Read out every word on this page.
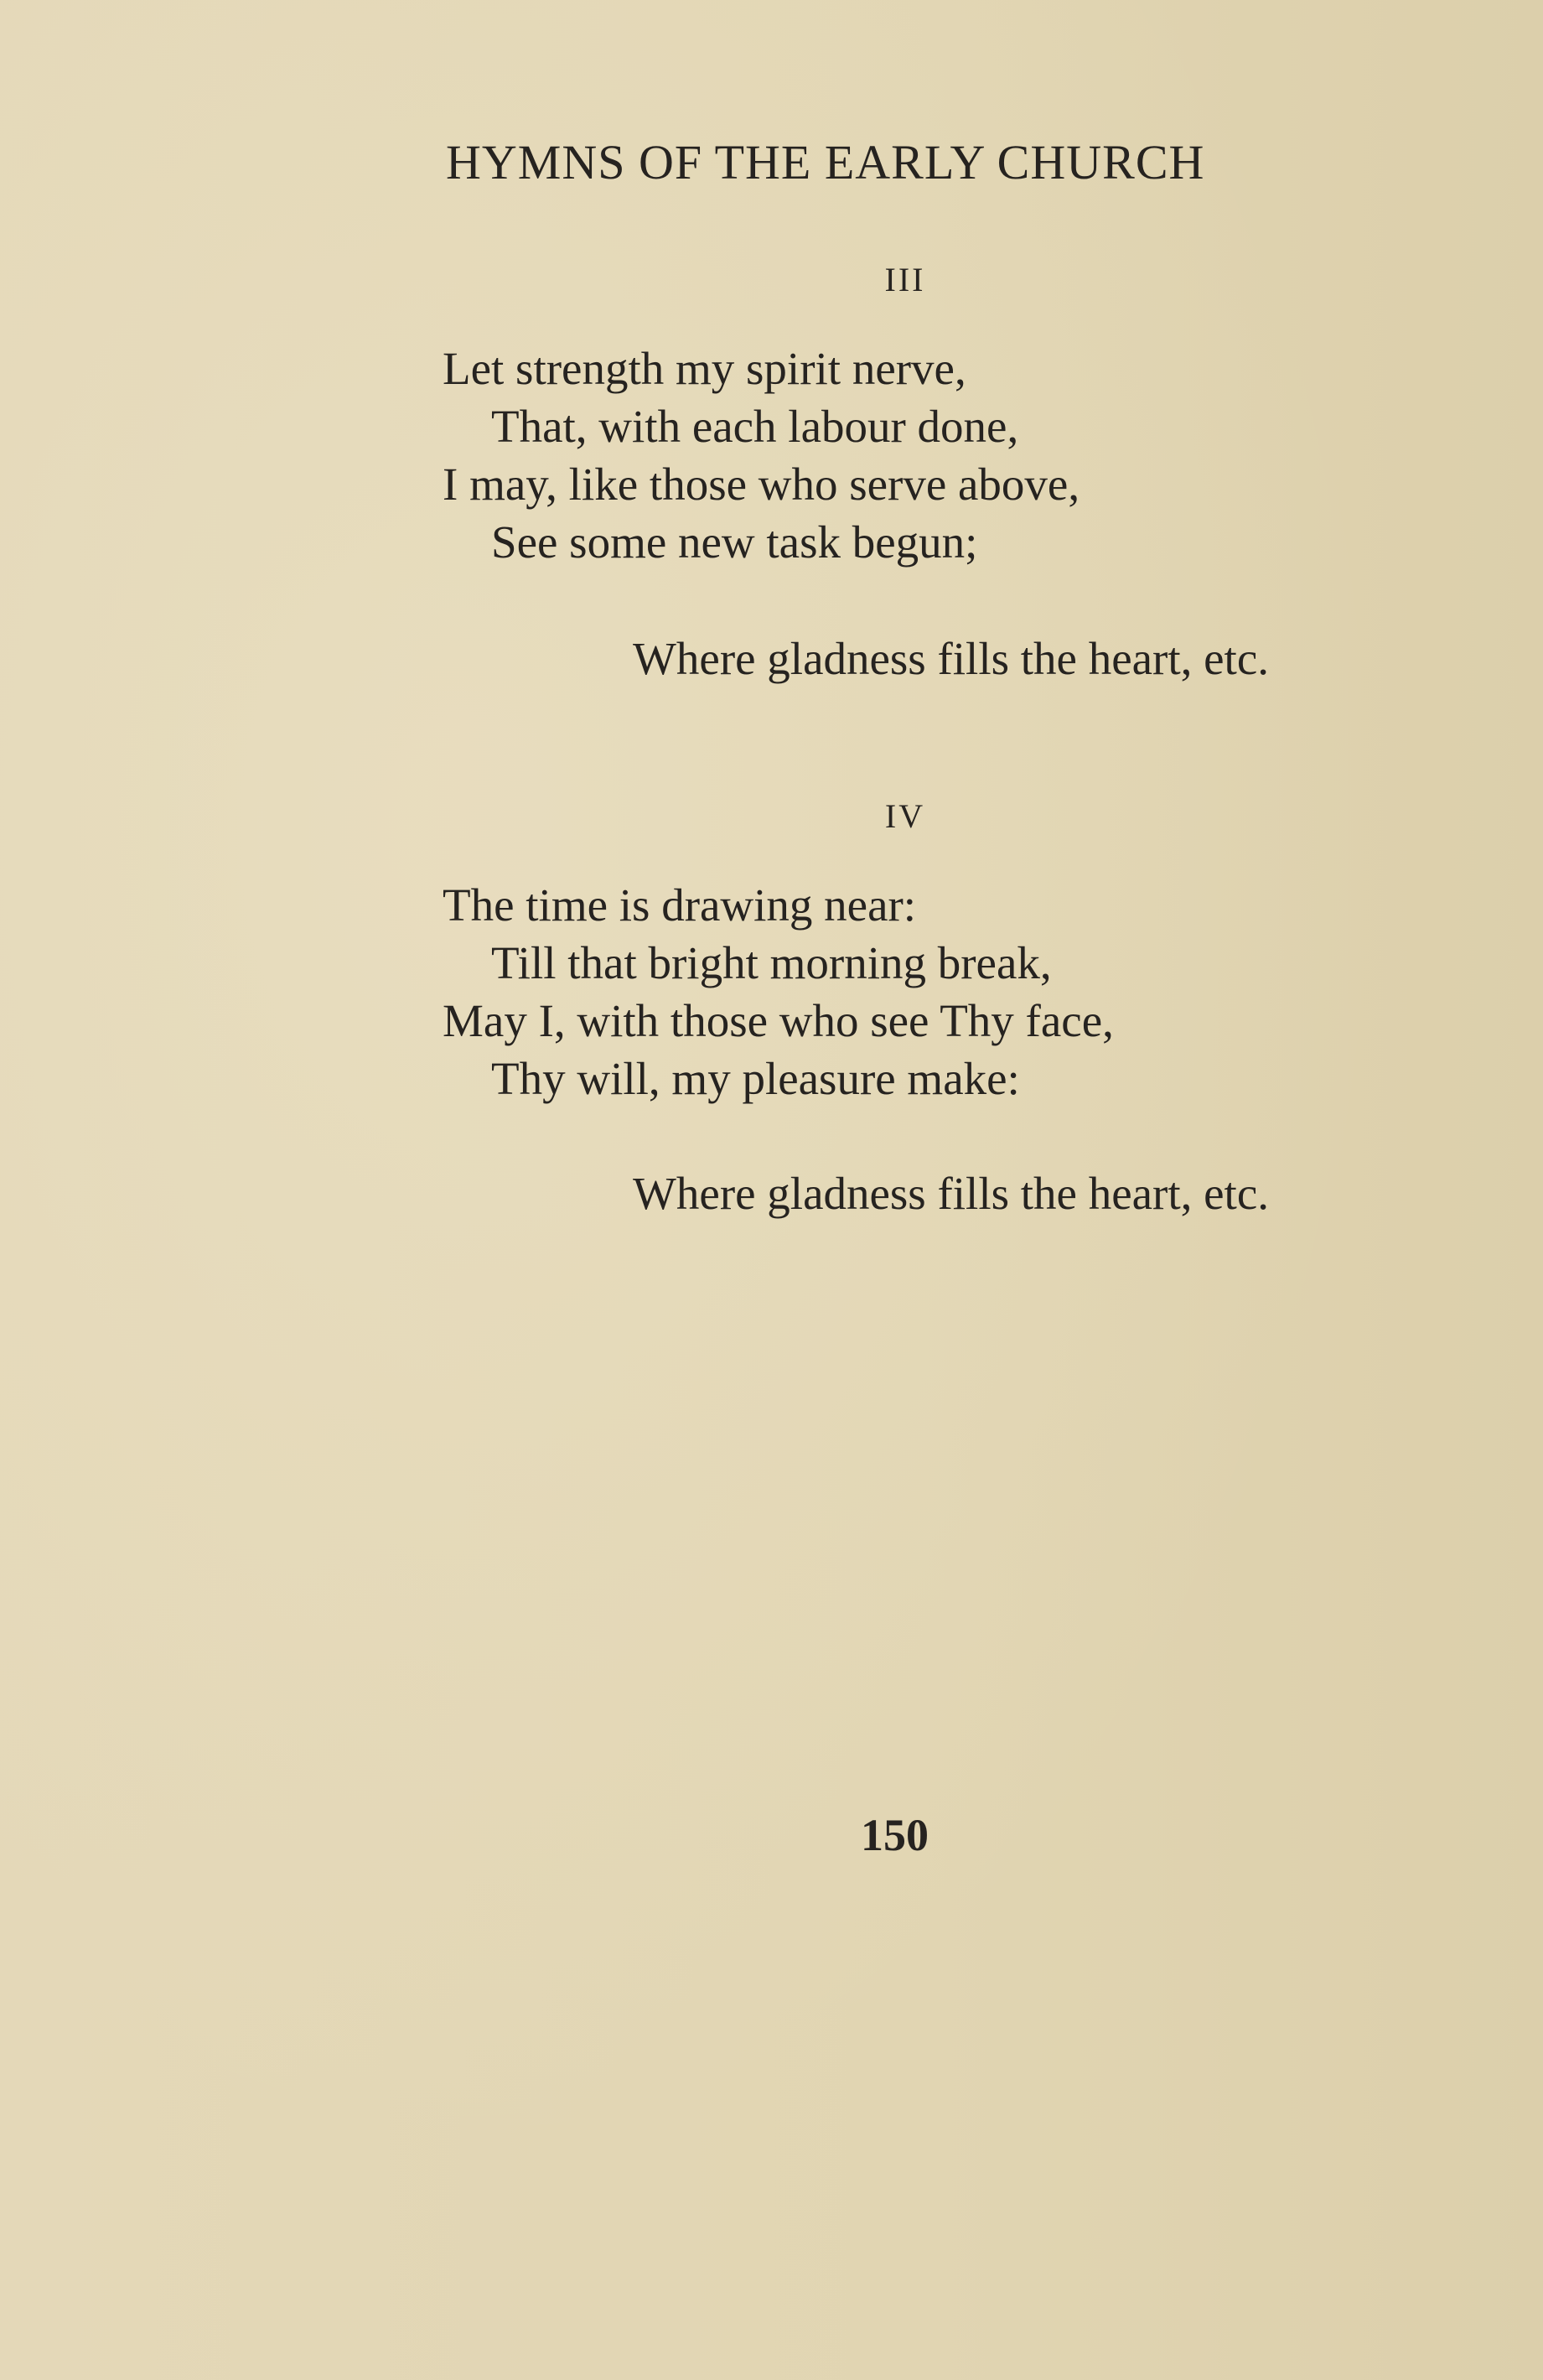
HYMNS OF THE EARLY CHURCH
III
Let strength my spirit nerve,
That, with each labour done,
I may, like those who serve above,
See some new task begun;
Where gladness fills the heart, etc.
IV
The time is drawing near:
Till that bright morning break,
May I, with those who see Thy face,
Thy will, my pleasure make:
Where gladness fills the heart, etc.
150
